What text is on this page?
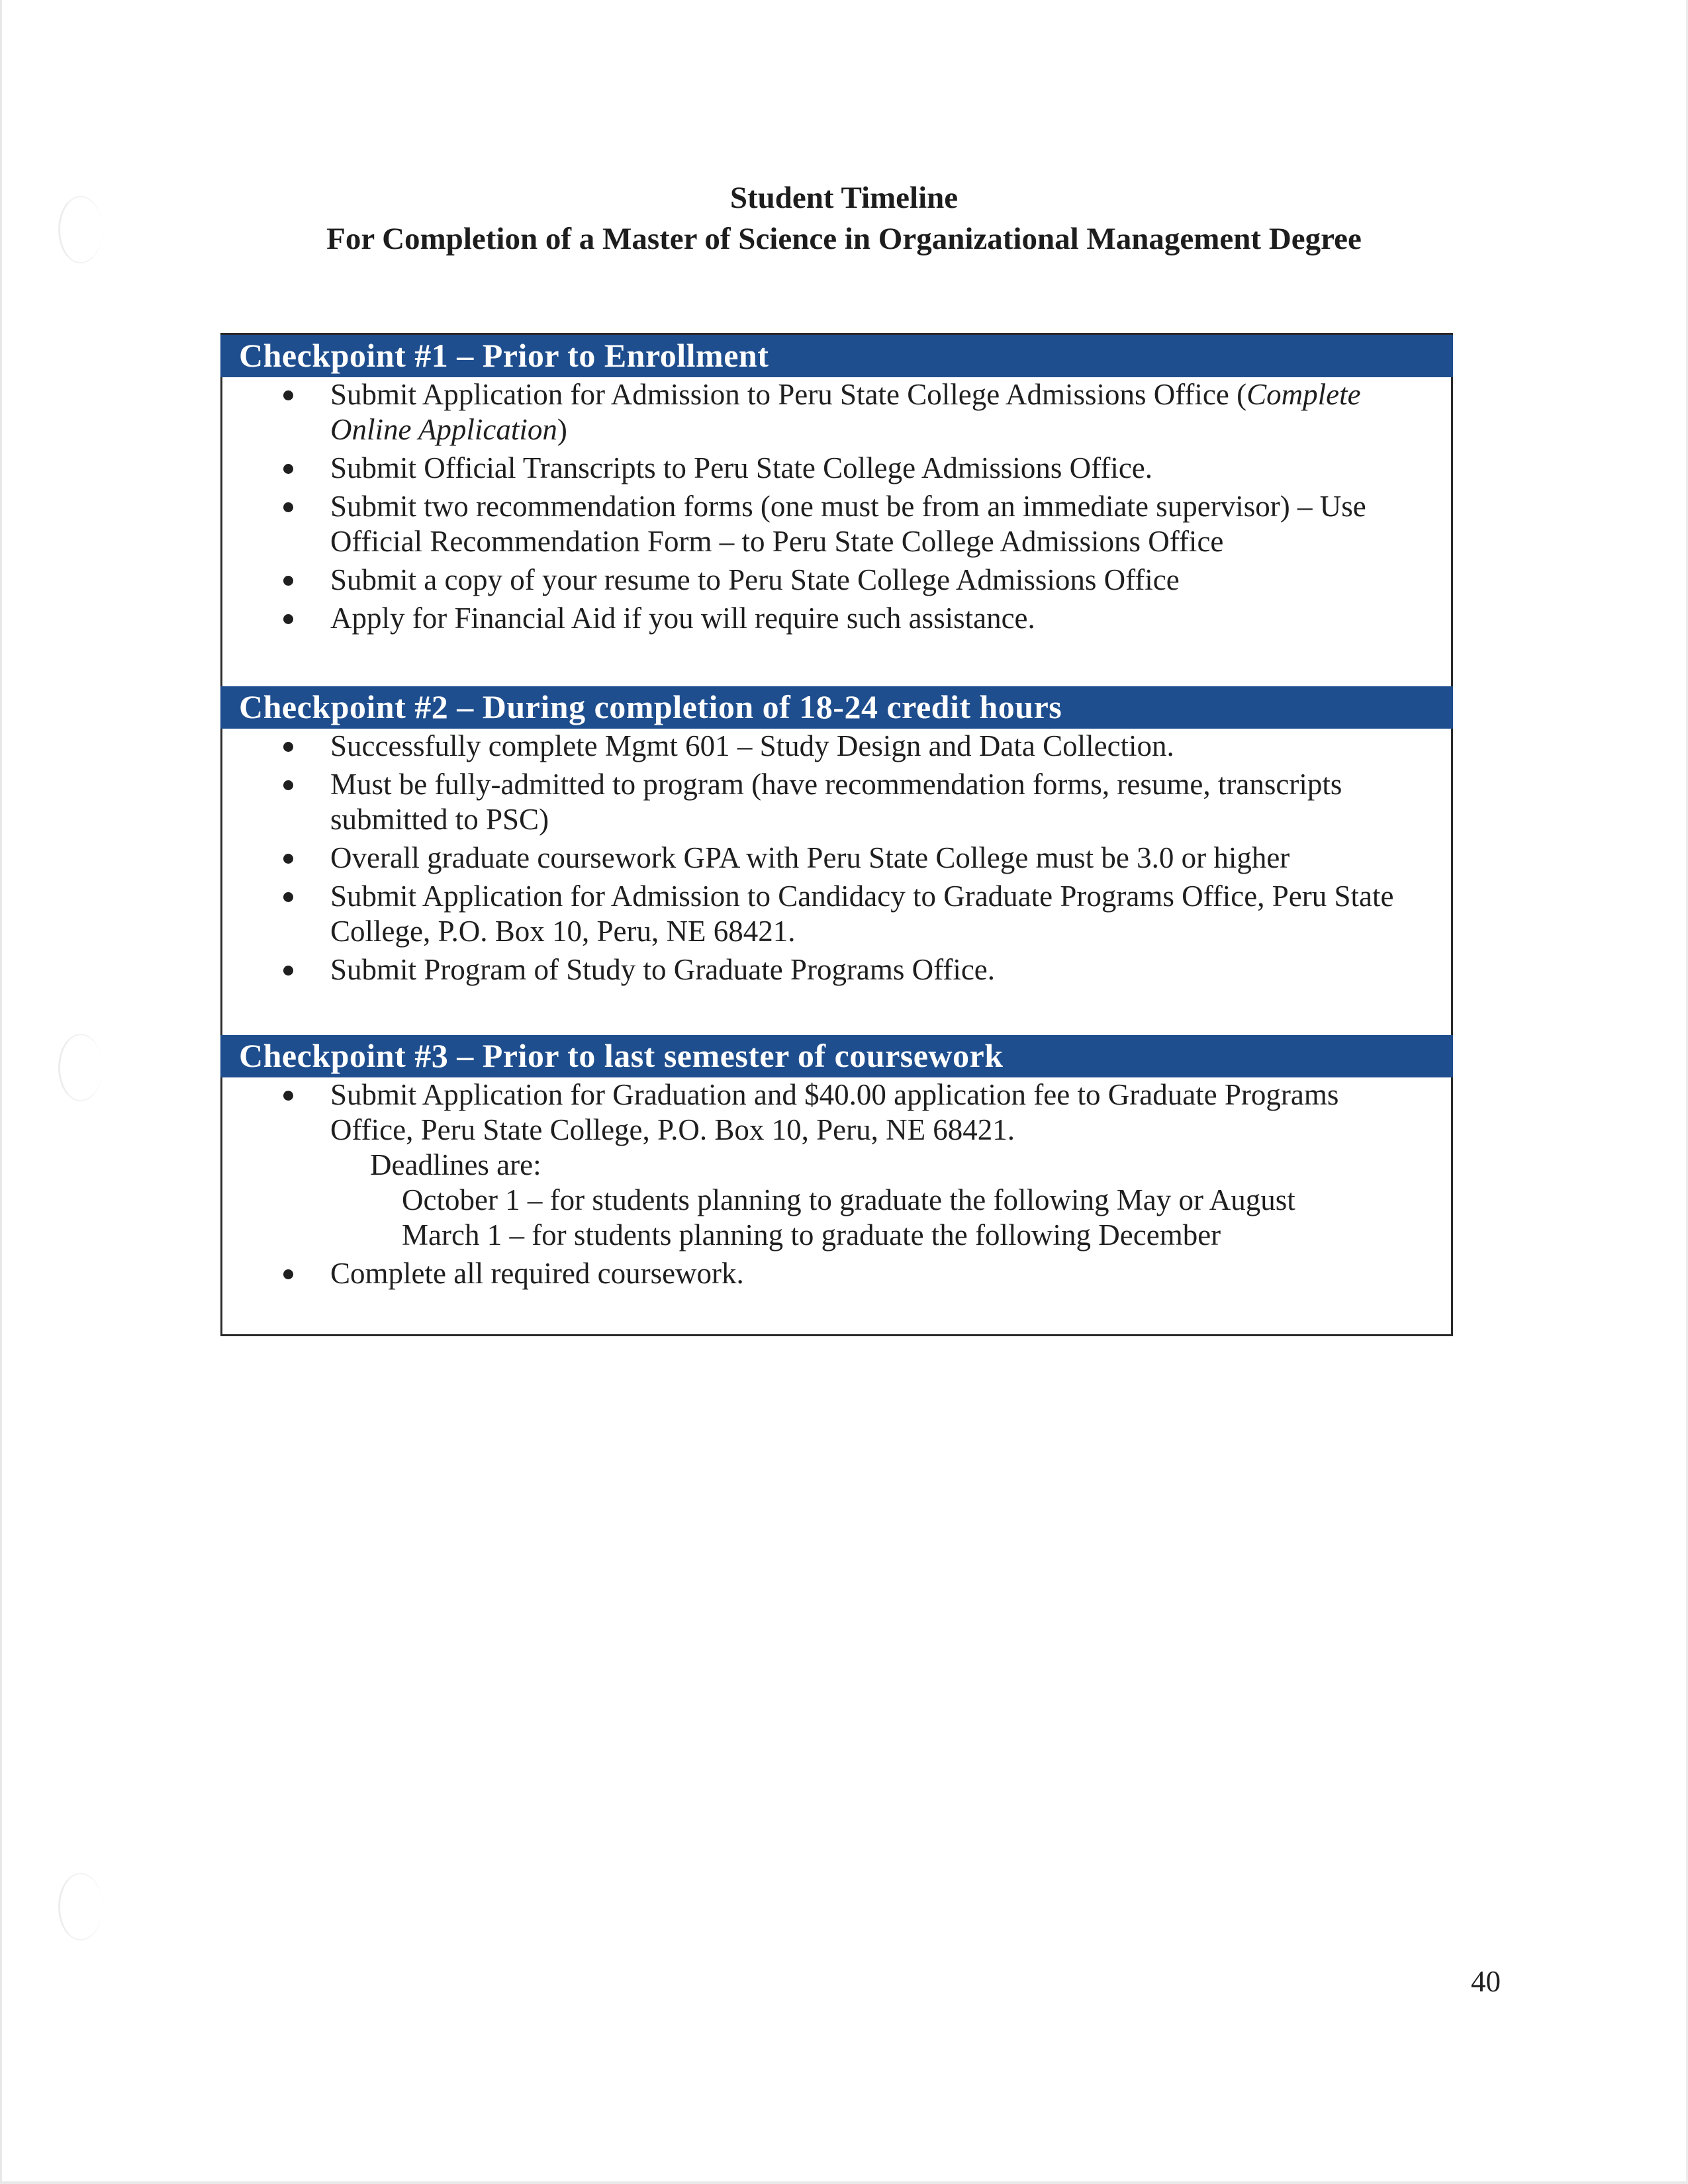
Student Timeline
For Completion of a Master of Science in Organizational Management Degree
Checkpoint #1 – Prior to Enrollment
Submit Application for Admission to Peru State College Admissions Office (Complete Online Application)
Submit Official Transcripts to Peru State College Admissions Office.
Submit two recommendation forms (one must be from an immediate supervisor) – Use Official Recommendation Form – to Peru State College Admissions Office
Submit a copy of your resume to Peru State College Admissions Office
Apply for Financial Aid if you will require such assistance.
Checkpoint #2 – During completion of 18-24 credit hours
Successfully complete Mgmt 601 – Study Design and Data Collection.
Must be fully-admitted to program (have recommendation forms, resume, transcripts submitted to PSC)
Overall graduate coursework GPA with Peru State College must be 3.0 or higher
Submit Application for Admission to Candidacy to Graduate Programs Office, Peru State College, P.O. Box 10, Peru, NE 68421.
Submit Program of Study to Graduate Programs Office.
Checkpoint #3 – Prior to last semester of coursework
Submit Application for Graduation and $40.00 application fee to Graduate Programs Office, Peru State College, P.O. Box 10, Peru, NE 68421.
Deadlines are:
October 1 – for students planning to graduate the following May or August
March 1 – for students planning to graduate the following December
Complete all required coursework.
40
